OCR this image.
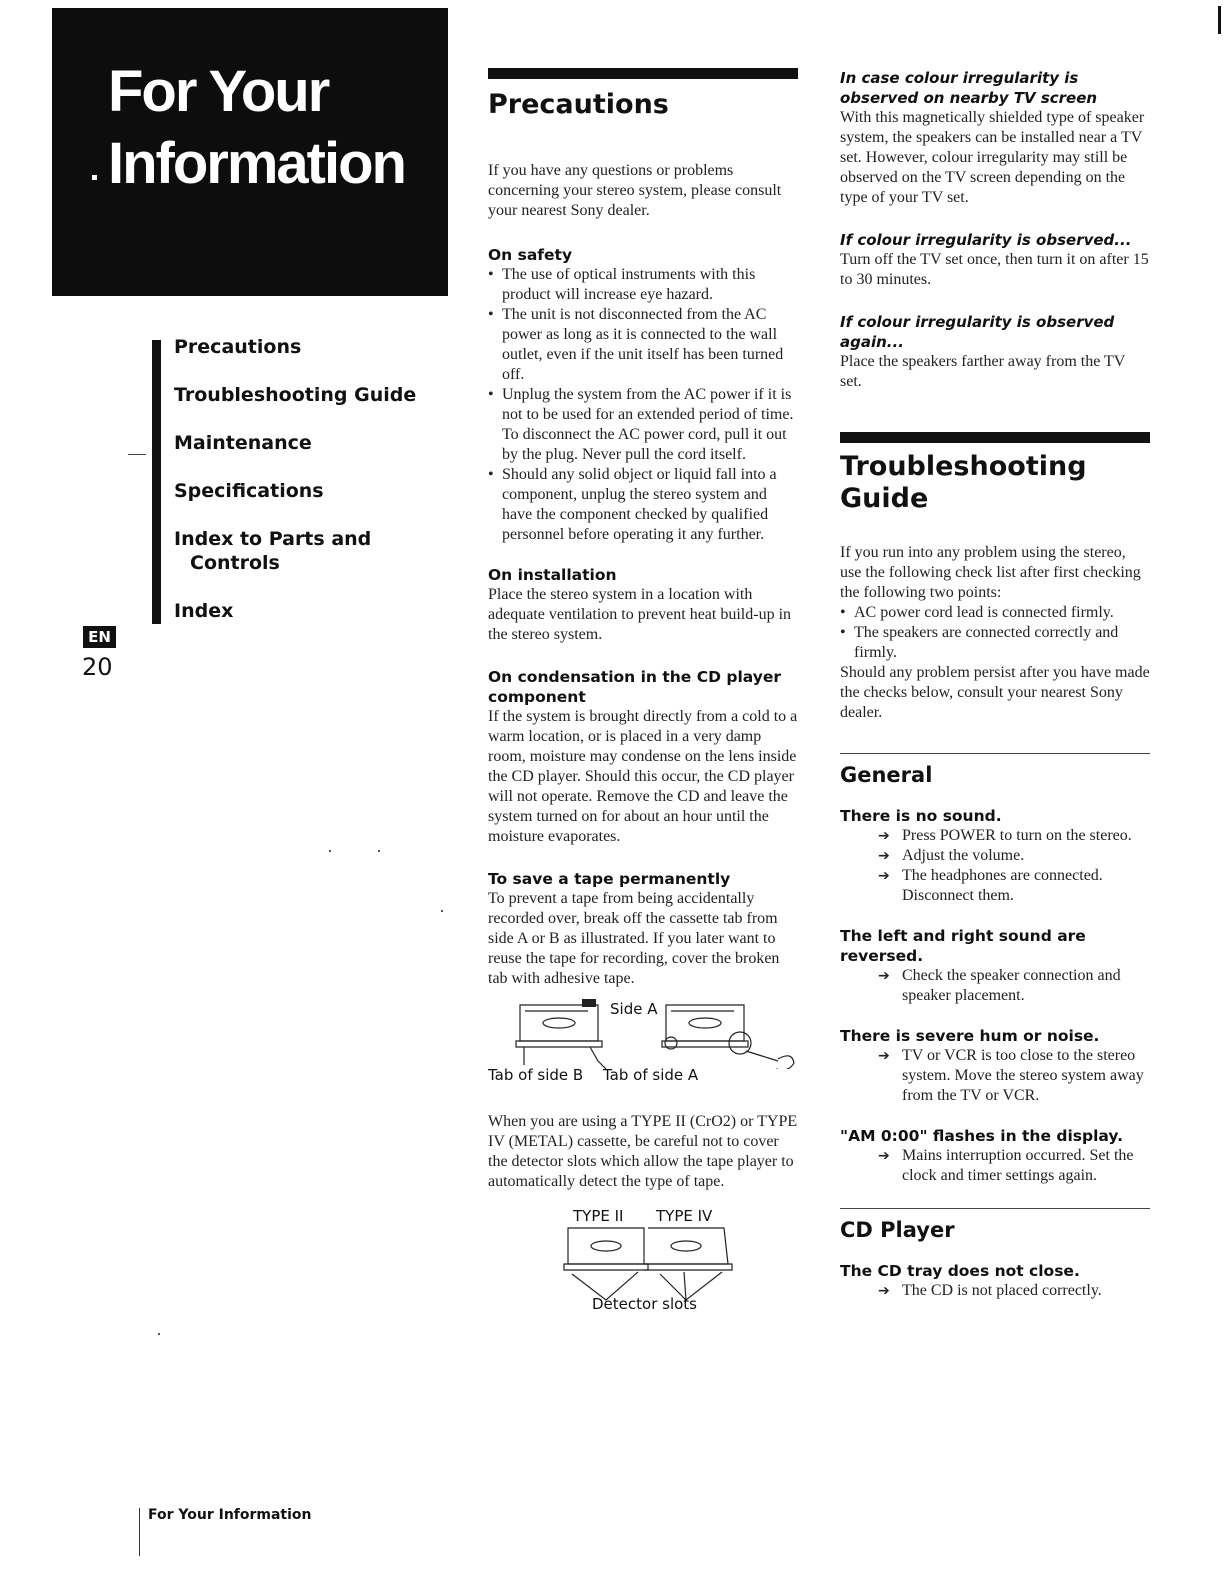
For Your
Information
Precautions
Troubleshooting Guide
Maintenance
Specifications
Index to Parts and
Controls
Index
EN
20
For Your Information
Precautions

If you have any questions or problems concerning your stereo system, please consult your nearest Sony dealer.

On safety
• The use of optical instruments with this product will increase eye hazard.
• The unit is not disconnected from the AC power as long as it is connected to the wall outlet, even if the unit itself has been turned off.
• Unplug the system from the AC power if it is not to be used for an extended period of time. To disconnect the AC power cord, pull it out by the plug. Never pull the cord itself.
• Should any solid object or liquid fall into a component, unplug the stereo system and have the component checked by qualified personnel before operating it any further.
On installation

Place the stereo system in a location with adequate ventilation to prevent heat build-up in the stereo system.

On condensation in the CD player component

If the system is brought directly from a cold to a warm location, or is placed in a very damp room, moisture may condense on the lens inside the CD player. Should this occur, the CD player will not operate. Remove the CD and leave the system turned on for about an hour until the moisture evaporates.

To save a tape permanently

To prevent a tape from being accidentally recorded over, break off the cassette tab from side A or B as illustrated. If you later want to reuse the tape for recording, cover the broken tab with adhesive tape.

Side A
Tab of side B Tab of side A

When you are using a TYPE II (CrO2) or TYPE IV (METAL) cassette, be careful not to cover the detector slots which allow the tape player to automatically detect the type of tape.

TYPE II TYPE IV
Detector slots
In case colour irregularity is observed on nearby TV screen

With this magnetically shielded type of speaker system, the speakers can be installed near a TV set. However, colour irregularity may still be observed on the TV screen depending on the type of your TV set.

If colour irregularity is observed...

Turn off the TV set once, then turn it on after 15 to 30 minutes.

If colour irregularity is observed again...

Place the speakers farther away from the TV set.

Troubleshooting
Guide

If you run into any problem using the stereo, use the following check list after first checking the following two points:

• AC power cord lead is connected firmly.
• The speakers are connected correctly and firmly.

Should any problem persist after you have made the checks below, consult your nearest Sony dealer.

General
There is no sound.
➔ Press POWER to turn on the stereo.
➔ Adjust the volume.
➔ The headphones are connected. Disconnect them.
The left and right sound are reversed.
➔ Check the speaker connection and speaker placement.
There is severe hum or noise.
➔ TV or VCR is too close to the stereo system. Move the stereo system away from the TV or VCR.
"AM 0:00" flashes in the display.
➔ Mains interruption occurred. Set the clock and timer settings again.
CD Player
The CD tray does not close.
➔ The CD is not placed correctly.
